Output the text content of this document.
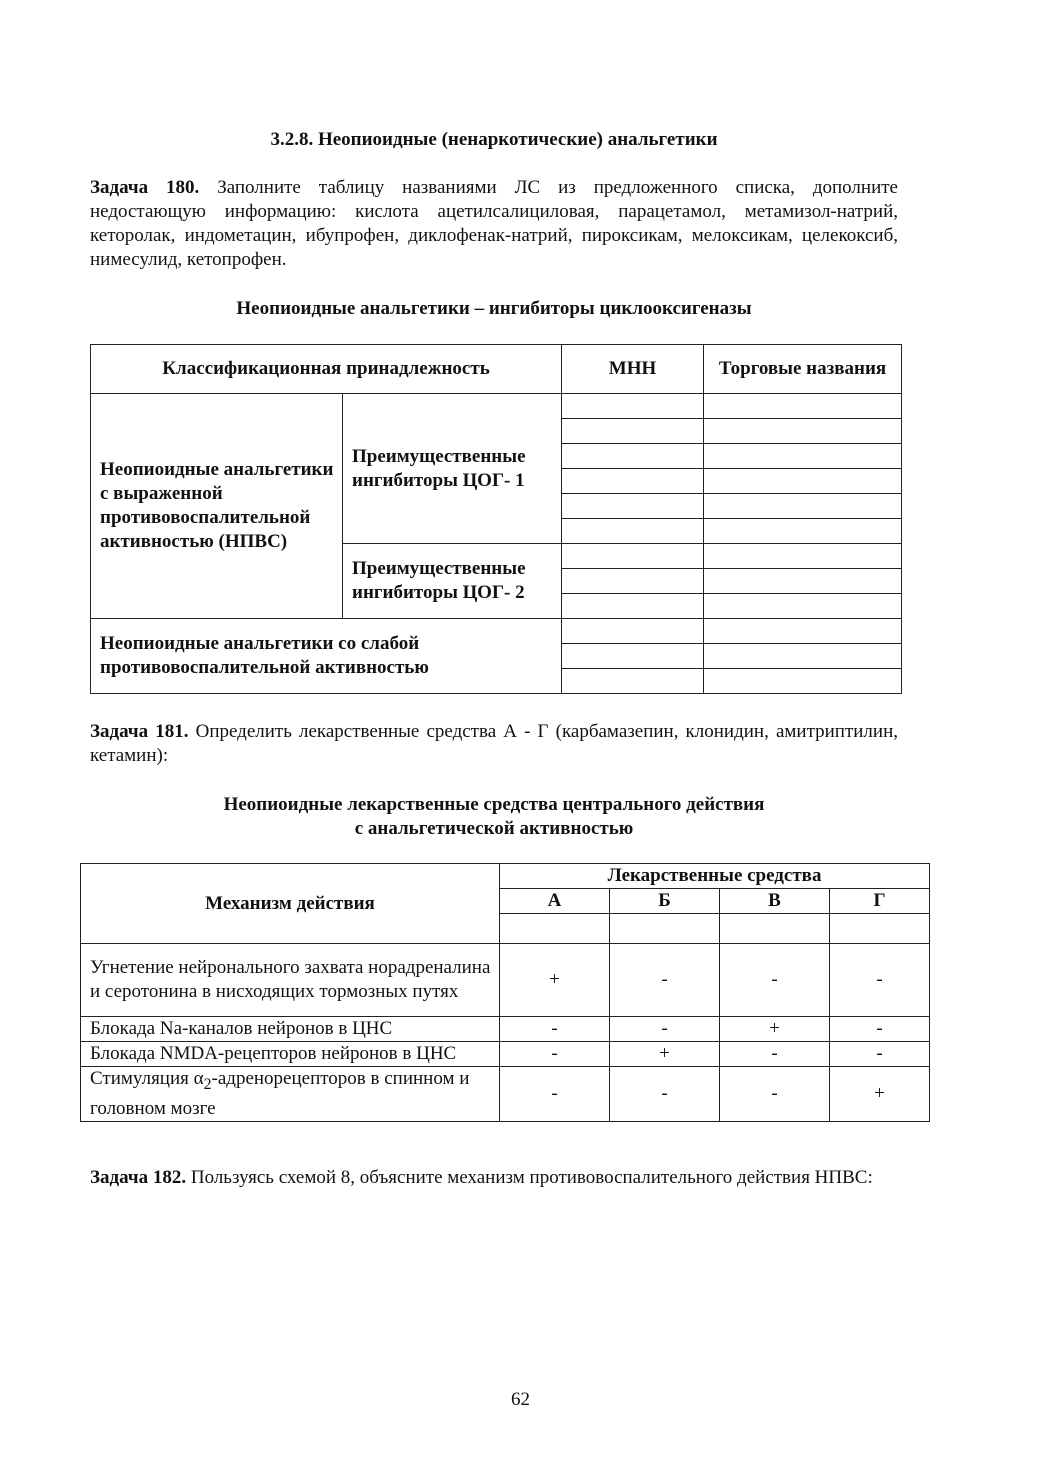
3.2.8. Неопиоидные (ненаркотические) анальгетики
Задача 180. Заполните таблицу названиями ЛС из предложенного списка, дополните недостающую информацию: кислота ацетилсалициловая, парацетамол, метамизол-натрий, кеторолак, индометацин, ибупрофен, диклофенак-натрий, пироксикам, мелоксикам, целекоксиб, нимесулид, кетопрофен.
Неопиоидные анальгетики – ингибиторы циклооксигеназы
Классификационная принадлежность		МНН	Торговые названия
Неопиоидные анальгетики с выраженной противовоспалительной активностью (НПВС)	Преимущественные ингибиторы ЦОГ- 1		

	Преимущественные ингибиторы ЦОГ- 2		

Неопиоидные анальгетики со слабой противовоспалительной активностью			

Задача 181. Определить лекарственные средства А - Г (карбамазепин, клонидин, амитриптилин, кетамин):
Неопиоидные лекарственные средства центрального действия
с анальгетической активностью
Механизм действия	Лекарственные средства			
	А	Б	В	Г

Угнетение нейронального захвата норадреналина и серотонина в нисходящих тормозных путях	+	-	-	-
Блокада Na-каналов нейронов в ЦНС	-	-	+	-
Блокада NMDA-рецепторов нейронов в ЦНС	-	+	-	-
Стимуляция $\alpha_2$-адренорецепторов в спинном и головном мозге	-	-	-	+
Задача 182. Пользуясь схемой 8, объясните механизм противовоспалительного действия НПВС:
62
